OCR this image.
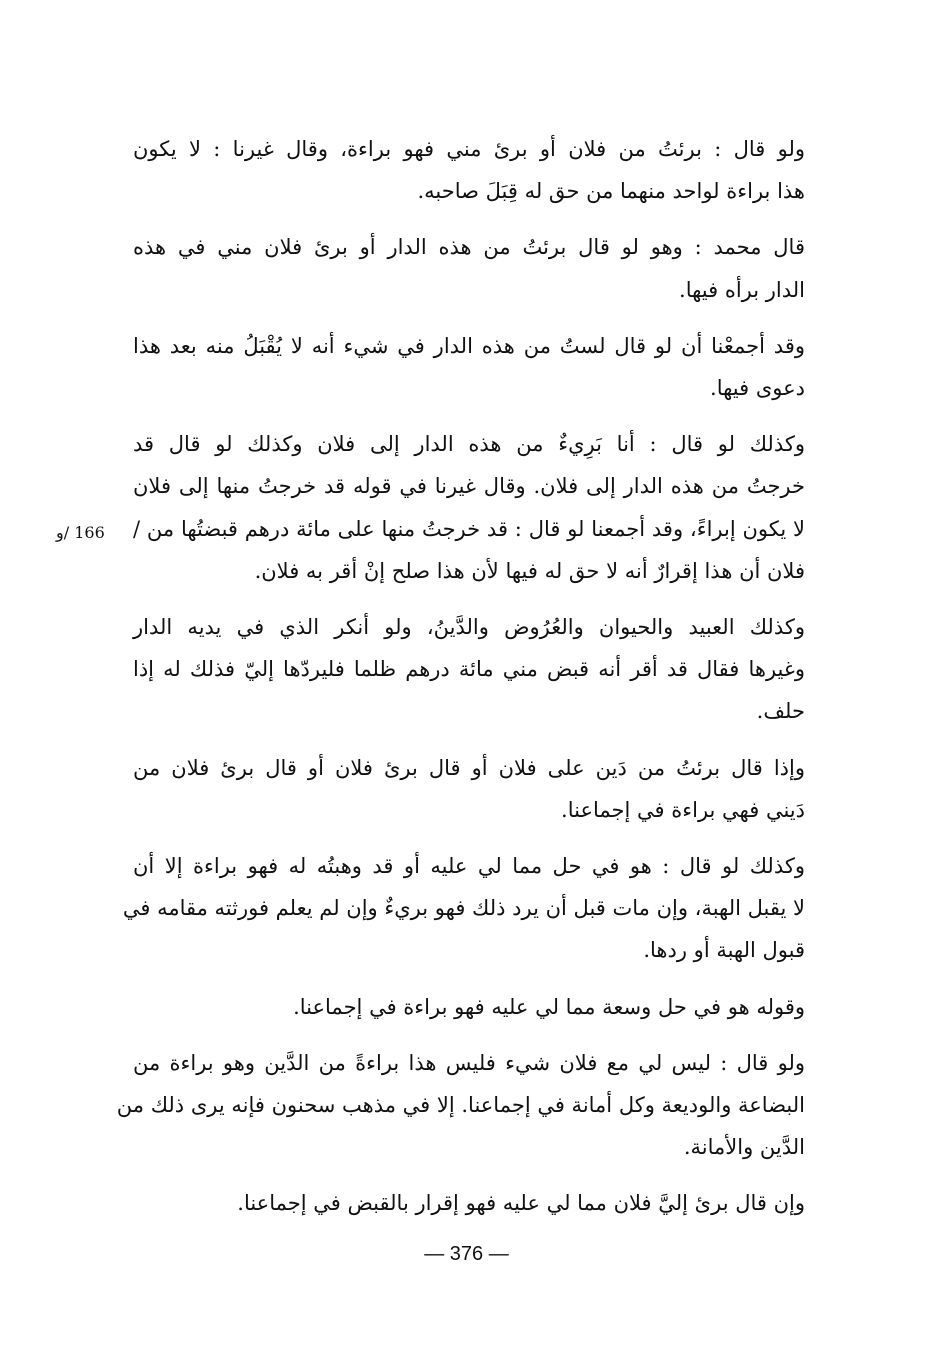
ولو قال : برئتُ من فلان أو برئ مني فهو براءة، وقال غيرنا : لا يكون
هذا براءة لواحد منهما من حق له قِبَلَ صاحبه.
قال محمد : وهو لو قال برئتُ من هذه الدار أو برئ فلان مني في هذه
الدار برأه فيها.
وقد أجمعْنا أن لو قال لستُ من هذه الدار في شيء أنه لا يُقْبَلُ منه بعد هذا
دعوى فيها.
وكذلك لو قال : أنا بَرِيءٌ من هذه الدار إلى فلان وكذلك لو قال قد
خرجتُ من هذه الدار إلى فلان. وقال غيرنا في قوله قد خرجتُ منها إلى فلان
لا يكون إبراءً، وقد أجمعنا لو قال : قد خرجتُ منها على مائة درهم قبضتُها من /
فلان أن هذا إقرارٌ أنه لا حق له فيها لأن هذا صلح إنْ أقر به فلان.
وكذلك العبيد والحيوان والعُرُوض والدَّينُ، ولو أنكر الذي في يديه الدار
وغيرها فقال قد أقر أنه قبض مني مائة درهم ظلما فليردّها إليّ فذلك له إذا
حلف.
وإذا قال برئتُ من دَين على فلان أو قال برئ فلان أو قال برئ فلان من
دَيني فهي براءة في إجماعنا.
وكذلك لو قال : هو في حل مما لي عليه أو قد وهبتُه له فهو براءة إلا أن
لا يقبل الهبة، وإن مات قبل أن يرد ذلك فهو بريءٌ وإن لم يعلم فورثته مقامه في
قبول الهبة أو ردها.
وقوله هو في حل وسعة مما لي عليه فهو براءة في إجماعنا.
ولو قال : ليس لي مع فلان شيء فليس هذا براءةً من الدَّين وهو براءة من
البضاعة والوديعة وكل أمانة في إجماعنا. إلا في مذهب سحنون فإنه يرى ذلك من
الدَّين والأمانة.
وإن قال برئ إليَّ فلان مما لي عليه فهو إقرار بالقبض في إجماعنا.
166 /و
— 376 —
